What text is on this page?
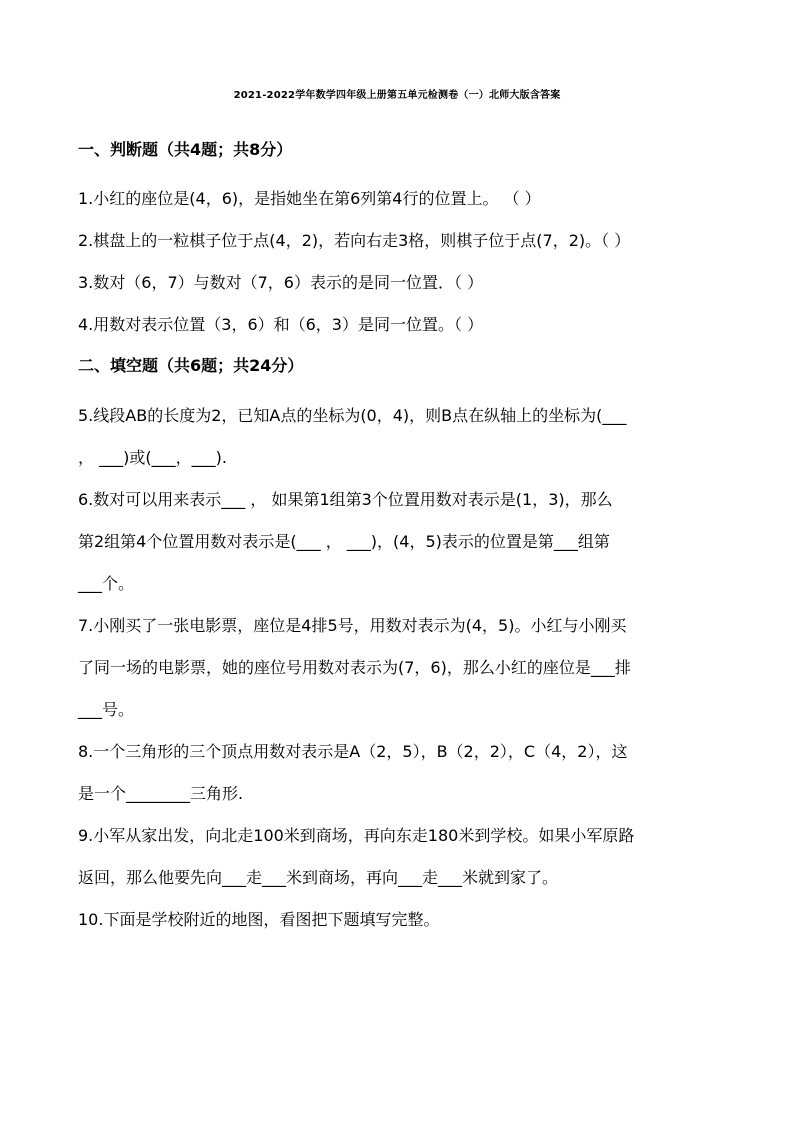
2021-2022学年数学四年级上册第五单元检测卷（一）北师大版含答案
一、判断题（共4题；共8分）
1.小红的座位是(4，6)，是指她坐在第6列第4行的位置上。 （ ）
2.棋盘上的一粒棋子位于点(4，2)，若向右走3格，则棋子位于点(7，2)。（ ）
3.数对（6，7）与数对（7，6）表示的是同一位置．（ ）
4.用数对表示位置（3，6）和（6，3）是同一位置。（ ）
二、填空题（共6题；共24分）
5.线段AB的长度为2，已知A点的坐标为(0，4)，则B点在纵轴上的坐标为(___
， ___)或(___，___).
6.数对可以用来表示___ ， 如果第1组第3个位置用数对表示是(1，3)，那么
第2组第4个位置用数对表示是(___ ， ___)，(4，5)表示的位置是第___组第
___个。
7.小刚买了一张电影票，座位是4排5号，用数对表示为(4，5)。小红与小刚买
了同一场的电影票，她的座位号用数对表示为(7，6)，那么小红的座位是___排
___号。
8.一个三角形的三个顶点用数对表示是A（2，5），B（2，2），C（4，2），这
是一个________三角形.
9.小军从家出发，向北走100米到商场，再向东走180米到学校。如果小军原路
返回，那么他要先向___走___米到商场，再向___走___米就到家了。
10.下面是学校附近的地图，看图把下题填写完整。
